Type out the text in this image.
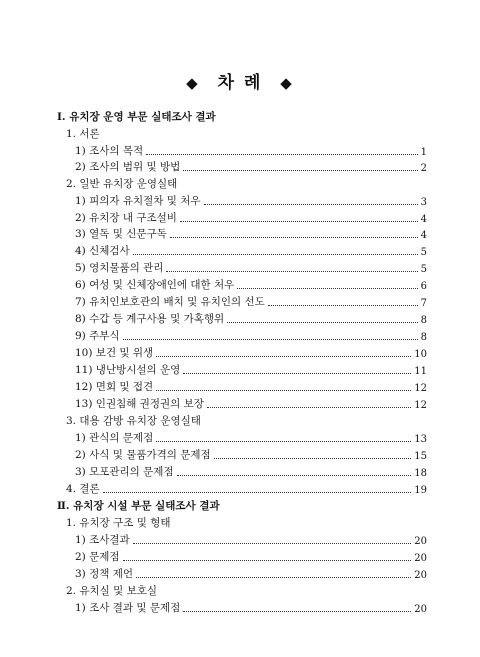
◆ 차 례 ◆
Ⅰ. 유치장 운영 부문 실태조사 결과
1. 서론
1) 조사의 목적	1
2) 조사의 범위 및 방법	2
2. 일반 유치장 운영실태
1) 피의자 유치절차 및 처우	3
2) 유치장 내 구조설비	4
3) 열독 및 신문구독	4
4) 신체검사	5
5) 영치물품의 관리	5
6) 여성 및 신체장애인에 대한 처우	6
7) 유치인보호관의 배치 및 유치인의 선도	7
8) 수갑 등 계구사용 및 가혹행위	8
9) 주부식	8
10) 보건 및 위생	10
11) 냉난방시설의 운영	11
12) 면회 및 접견	12
13) 인권침해 권정권의 보장	12
3. 대용 감방 유치장 운영실태
1) 관식의 문제점	13
2) 사식 및 물품가격의 문제점	15
3) 모포관리의 문제점	18
4. 결론	19
Ⅱ. 유치장 시설 부문 실태조사 결과
1. 유치장 구조 및 형태
1) 조사결과	20
2) 문제점	20
3) 정책 제언	20
2. 유치실 및 보호실
1) 조사 결과 및 문제점	20
